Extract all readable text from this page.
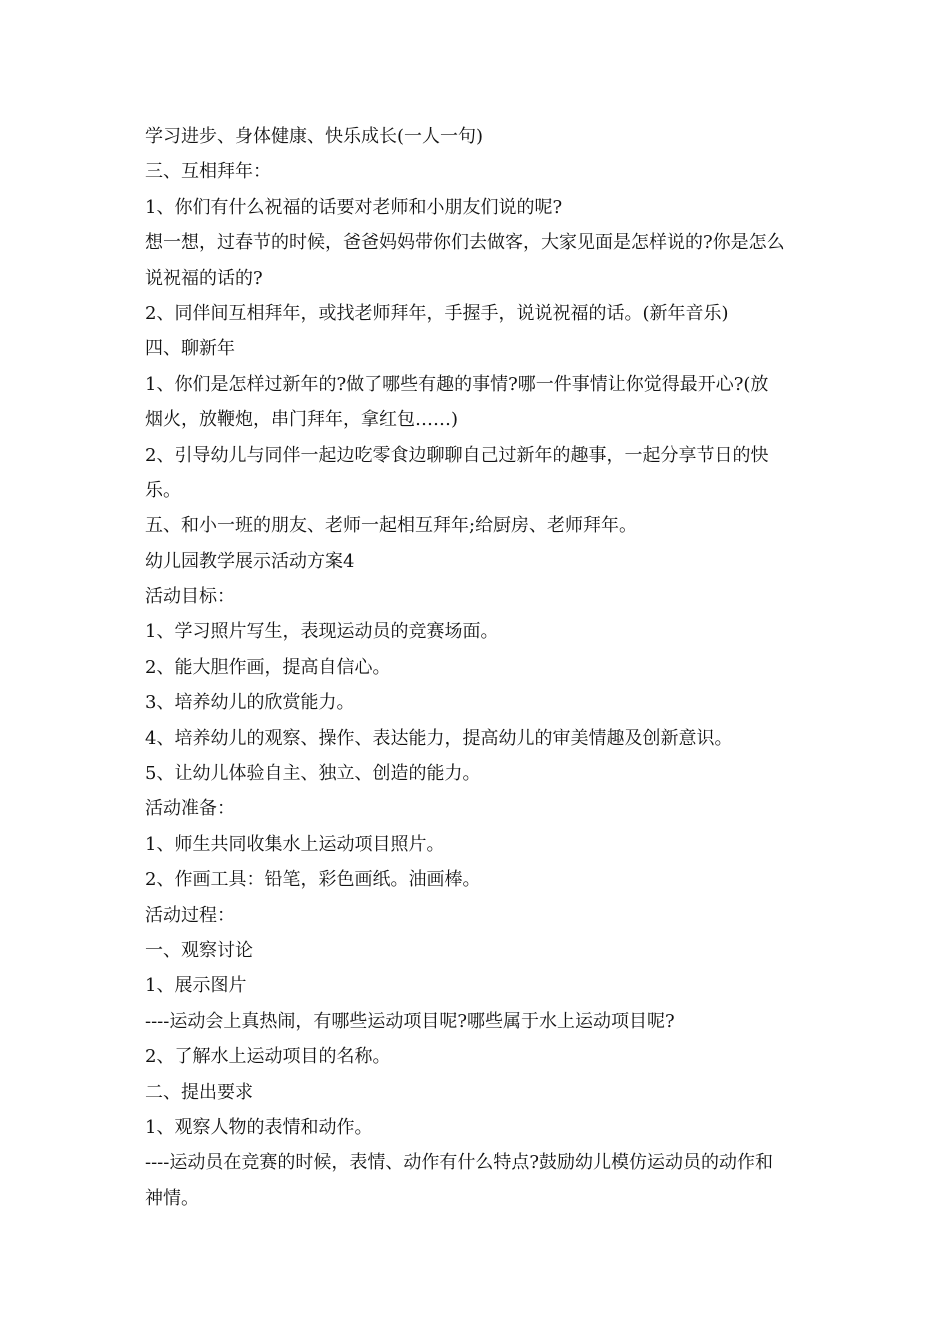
学习进步、身体健康、快乐成长(一人一句)

三、互相拜年：

1、你们有什么祝福的话要对老师和小朋友们说的呢?

想一想，过春节的时候，爸爸妈妈带你们去做客，大家见面是怎样说的?你是怎么

说祝福的话的?

2、同伴间互相拜年，或找老师拜年，手握手，说说祝福的话。(新年音乐)

四、聊新年

1、你们是怎样过新年的?做了哪些有趣的事情?哪一件事情让你觉得最开心?(放

烟火，放鞭炮，串门拜年，拿红包……)

2、引导幼儿与同伴一起边吃零食边聊聊自己过新年的趣事，一起分享节日的快

乐。

五、和小一班的朋友、老师一起相互拜年;给厨房、老师拜年。

幼儿园教学展示活动方案4

活动目标：

1、学习照片写生，表现运动员的竞赛场面。

2、能大胆作画，提高自信心。

3、培养幼儿的欣赏能力。

4、培养幼儿的观察、操作、表达能力，提高幼儿的审美情趣及创新意识。

5、让幼儿体验自主、独立、创造的能力。

活动准备：

1、师生共同收集水上运动项目照片。

2、作画工具：铅笔，彩色画纸。油画棒。

活动过程：

一、观察讨论

1、展示图片

----运动会上真热闹，有哪些运动项目呢?哪些属于水上运动项目呢?

2、了解水上运动项目的名称。

二、提出要求

1、观察人物的表情和动作。

----运动员在竞赛的时候，表情、动作有什么特点?鼓励幼儿模仿运动员的动作和

神情。
